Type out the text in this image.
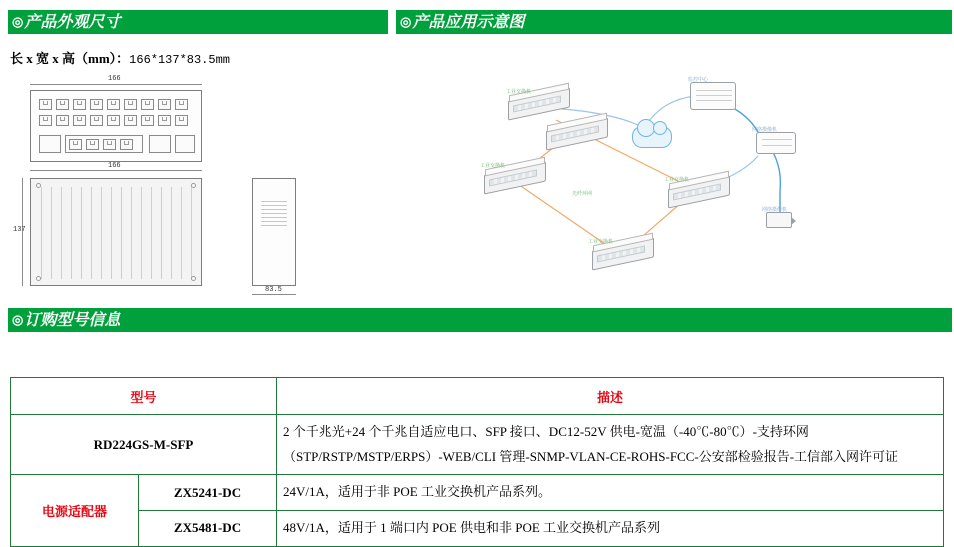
◎产品外观尺寸	◎产品应用示意图
◎订购型号信息
长 x 宽 x 高（mm）：166*137*83.5mm
166
166
137
83.5
工业交换机
工业交换机
工业交换机
工业交换机
网络摄像机
网络摄像机
监控中心
光纤环网
型号		描述
RD224GS-M-SFP		2 个千兆光+24 个千兆自适应电口、SFP 接口、DC12-52V 供电-宽温（-40℃-80℃）-支持环网
（STP/RSTP/MSTP/ERPS）-WEB/CLI 管理-SNMP-VLAN-CE-ROHS-FCC-公安部检验报告-工信部入网许可证

电源适配器	ZX5241-DC	24V/1A，适用于非 POE 工业交换机产品系列。
	ZX5481-DC	48V/1A，适用于 1 端口内 POE 供电和非 POE 工业交换机产品系列
